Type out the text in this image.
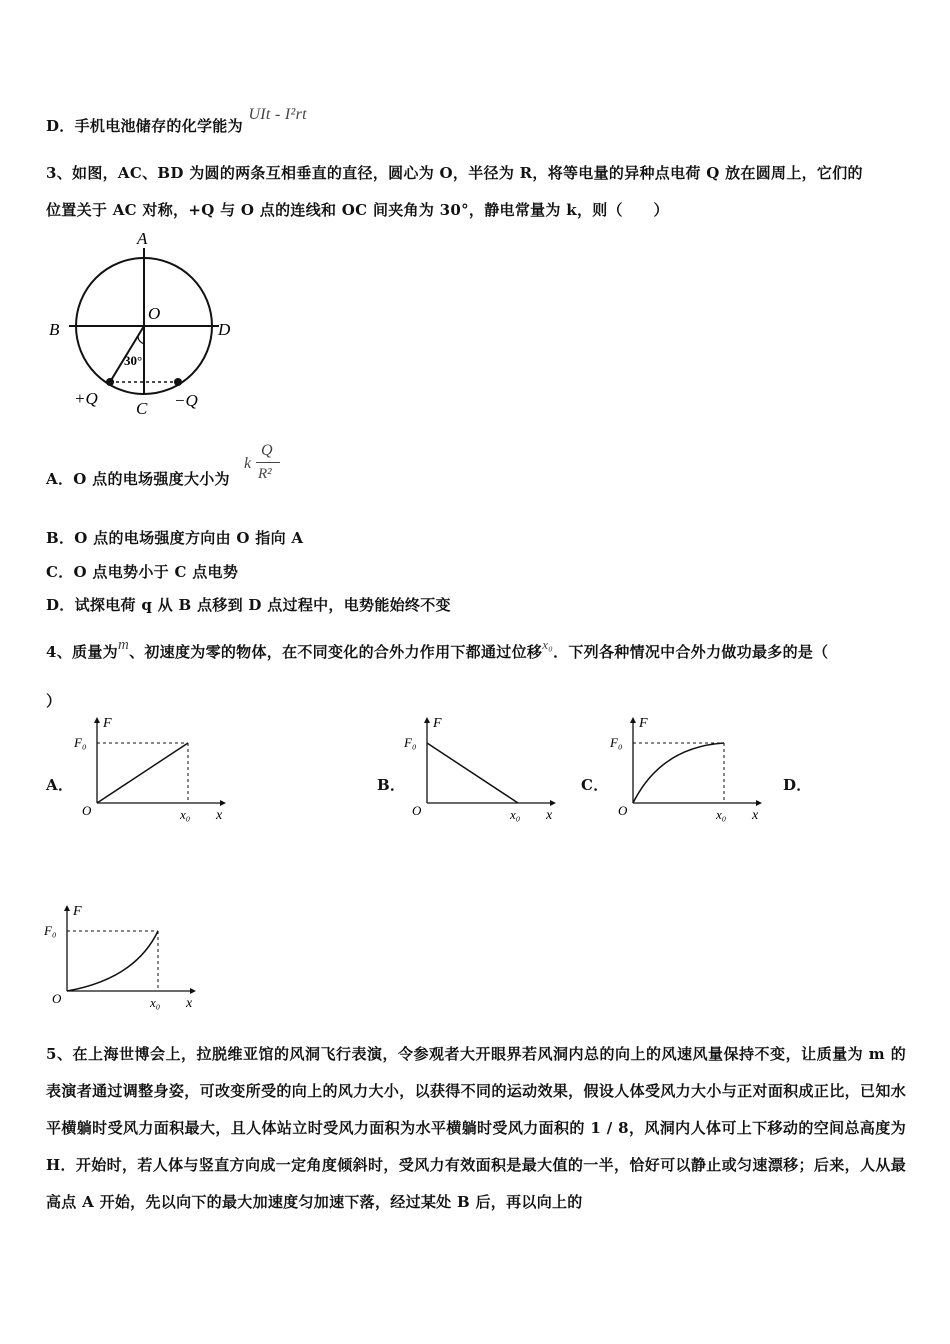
D．手机电池储存的化学能为 UIt - I²rt
3、如图，AC、BD 为圆的两条互相垂直的直径，圆心为 O，半径为 R，将等电量的异种点电荷 Q 放在圆周上，它们的
位置关于 AC 对称，+Q 与 O 点的连线和 OC 间夹角为 30°，静电常量为 k，则（　　）
A
B	D
O
30°
+Q
C −Q
A．O 点的电场强度大小为
k
Q
R²
B．O 点的电场强度方向由 O 指向 A
C．O 点电势小于 C 点电势
D．试探电荷 q 从 B 点移到 D 点过程中，电势能始终不变
4、质量为m、初速度为零的物体，在不同变化的合外力作用下都通过位移x₀．下列各种情况中合外力做功最多的是（
）
A．	B．	C．	D．
F
F₀
O	x₀ x
F
F₀
O	x₀ x
F
F₀
O	x₀ x
F
F₀
O	x₀ x
5、在上海世博会上，拉脱维亚馆的风洞飞行表演，令参观者大开眼界若风洞内总的向上的风速风量保持不变，让质量为 m 的表演者通过调整身姿，可改变所受的向上的风力大小，以获得不同的运动效果，假设人体受风力大小与正对面积成正比，已知水平横躺时受风力面积最大，且人体站立时受风力面积为水平横躺时受风力面积的 1 / 8，风洞内人体可上下移动的空间总高度为 H．开始时，若人体与竖直方向成一定角度倾斜时，受风力有效面积是最大值的一半，恰好可以静止或匀速漂移；后来，人从最高点 A 开始，先以向下的最大加速度匀加速下落，经过某处 B 后，再以向上的
